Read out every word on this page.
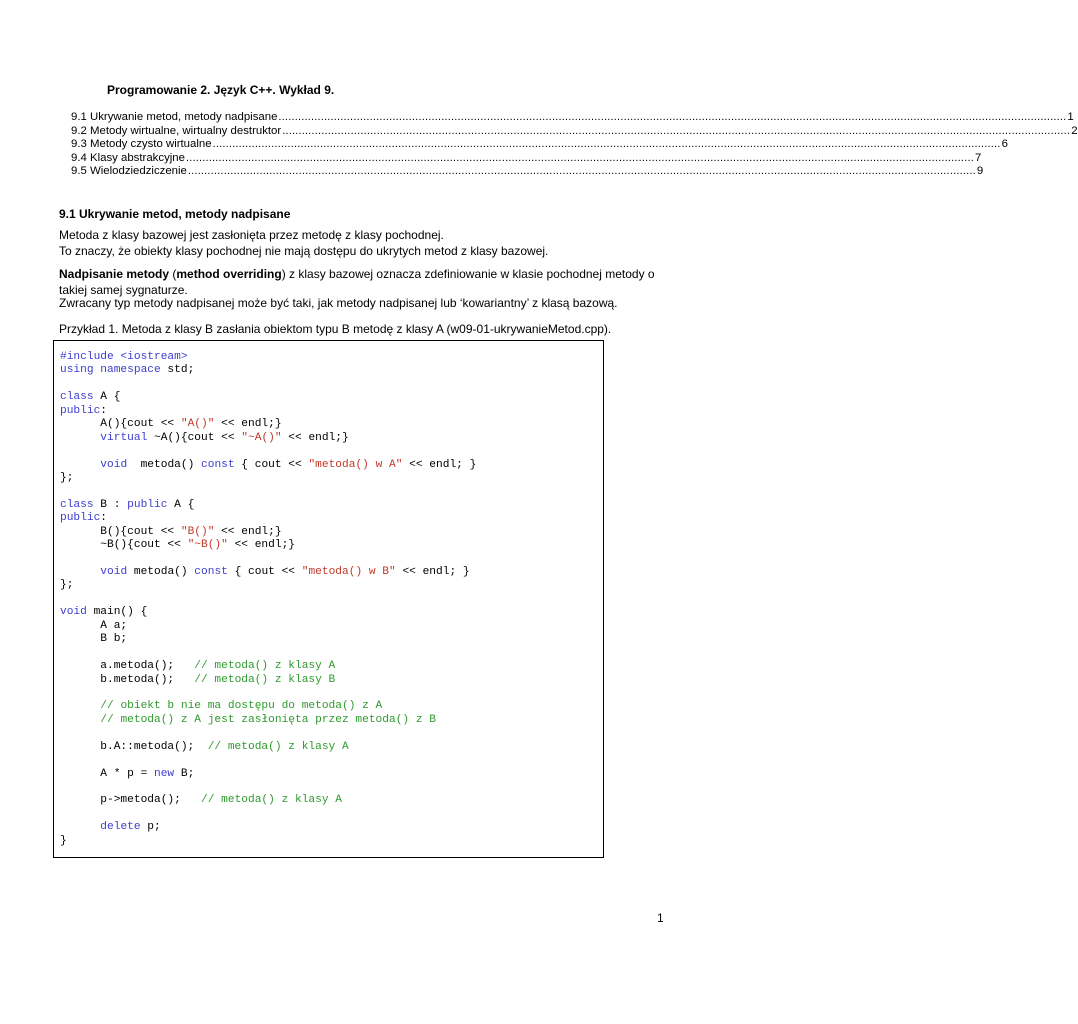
Programowanie 2. Język C++. Wykład 9.
9.1 Ukrywanie metod, metody nadpisane .................................................................................................................................................................................................................................................. 1
9.2 Metody wirtualne, wirtualny destruktor .................................................................................................................................................................................................................................................. 2
9.3 Metody czysto wirtualne .................................................................................................................................................................................................................................................. 6
9.4 Klasy abstrakcyjne .................................................................................................................................................................................................................................................. 7
9.5 Wielodziedziczenie .................................................................................................................................................................................................................................................. 9
9.1 Ukrywanie metod, metody nadpisane
Metoda z klasy bazowej jest zasłonięta przez metodę z klasy pochodnej.
To znaczy, że obiekty klasy pochodnej nie mają dostępu do ukrytych metod z klasy bazowej.
Nadpisanie metody (method overriding) z klasy bazowej oznacza zdefiniowanie w klasie pochodnej metody o takiej samej sygnaturze.
Zwracany typ metody nadpisanej może być taki, jak metody nadpisanej lub ‘kowariantny’ z klasą bazową.
Przykład 1. Metoda z klasy B zasłania obiektom typu B metodę z klasy A (w09-01-ukrywanieMetod.cpp).
#include <iostream>
using namespace std;

class A {
public:
A(){cout << "A()" << endl;}
virtual ~A(){cout << "~A()" << endl;}

void  metoda() const { cout << "metoda() w A" << endl; }
};

class B : public A {
public:
B(){cout << "B()" << endl;}
~B(){cout << "~B()" << endl;}

void metoda() const { cout << "metoda() w B" << endl; }
};

void main() {
A a;
B b;

a.metoda();   // metoda() z klasy A
b.metoda();   // metoda() z klasy B

// obiekt b nie ma dostępu do metoda() z A
// metoda() z A jest zasłonięta przez metoda() z B

b.A::metoda();  // metoda() z klasy A

A * p = new B;

p->metoda();   // metoda() z klasy A

delete p;
}
1
